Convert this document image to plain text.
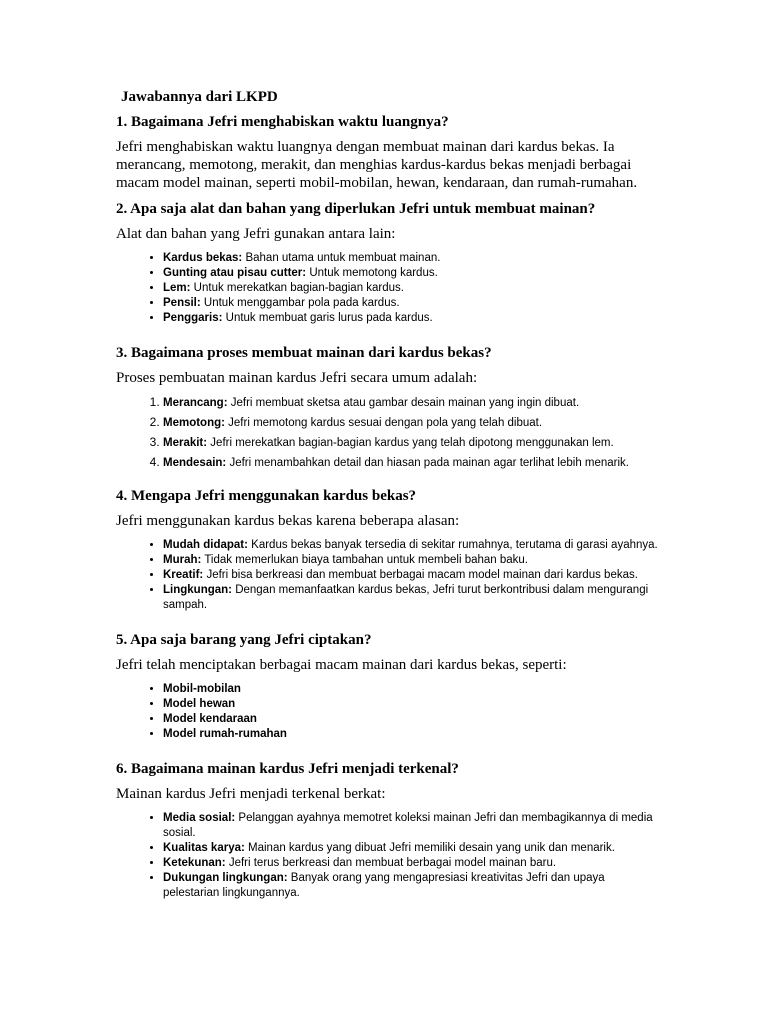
Jawabannya dari LKPD
1. Bagaimana Jefri menghabiskan waktu luangnya?
Jefri menghabiskan waktu luangnya dengan membuat mainan dari kardus bekas. Ia merancang, memotong, merakit, dan menghias kardus-kardus bekas menjadi berbagai macam model mainan, seperti mobil-mobilan, hewan, kendaraan, dan rumah-rumahan.
2. Apa saja alat dan bahan yang diperlukan Jefri untuk membuat mainan?
Alat dan bahan yang Jefri gunakan antara lain:
• Kardus bekas: Bahan utama untuk membuat mainan.
• Gunting atau pisau cutter: Untuk memotong kardus.
• Lem: Untuk merekatkan bagian-bagian kardus.
• Pensil: Untuk menggambar pola pada kardus.
• Penggaris: Untuk membuat garis lurus pada kardus.
3. Bagaimana proses membuat mainan dari kardus bekas?
Proses pembuatan mainan kardus Jefri secara umum adalah:
1. Merancang: Jefri membuat sketsa atau gambar desain mainan yang ingin dibuat.
2. Memotong: Jefri memotong kardus sesuai dengan pola yang telah dibuat.
3. Merakit: Jefri merekatkan bagian-bagian kardus yang telah dipotong menggunakan lem.
4. Mendesain: Jefri menambahkan detail dan hiasan pada mainan agar terlihat lebih menarik.
4. Mengapa Jefri menggunakan kardus bekas?
Jefri menggunakan kardus bekas karena beberapa alasan:
• Mudah didapat: Kardus bekas banyak tersedia di sekitar rumahnya, terutama di garasi ayahnya.
• Murah: Tidak memerlukan biaya tambahan untuk membeli bahan baku.
• Kreatif: Jefri bisa berkreasi dan membuat berbagai macam model mainan dari kardus bekas.
• Lingkungan: Dengan memanfaatkan kardus bekas, Jefri turut berkontribusi dalam mengurangi sampah.
5. Apa saja barang yang Jefri ciptakan?
Jefri telah menciptakan berbagai macam mainan dari kardus bekas, seperti:
• Mobil-mobilan
• Model hewan
• Model kendaraan
• Model rumah-rumahan
6. Bagaimana mainan kardus Jefri menjadi terkenal?
Mainan kardus Jefri menjadi terkenal berkat:
• Media sosial: Pelanggan ayahnya memotret koleksi mainan Jefri dan membagikannya di media sosial.
• Kualitas karya: Mainan kardus yang dibuat Jefri memiliki desain yang unik dan menarik.
• Ketekunan: Jefri terus berkreasi dan membuat berbagai model mainan baru.
• Dukungan lingkungan: Banyak orang yang mengapresiasi kreativitas Jefri dan upaya pelestarian lingkungannya.
